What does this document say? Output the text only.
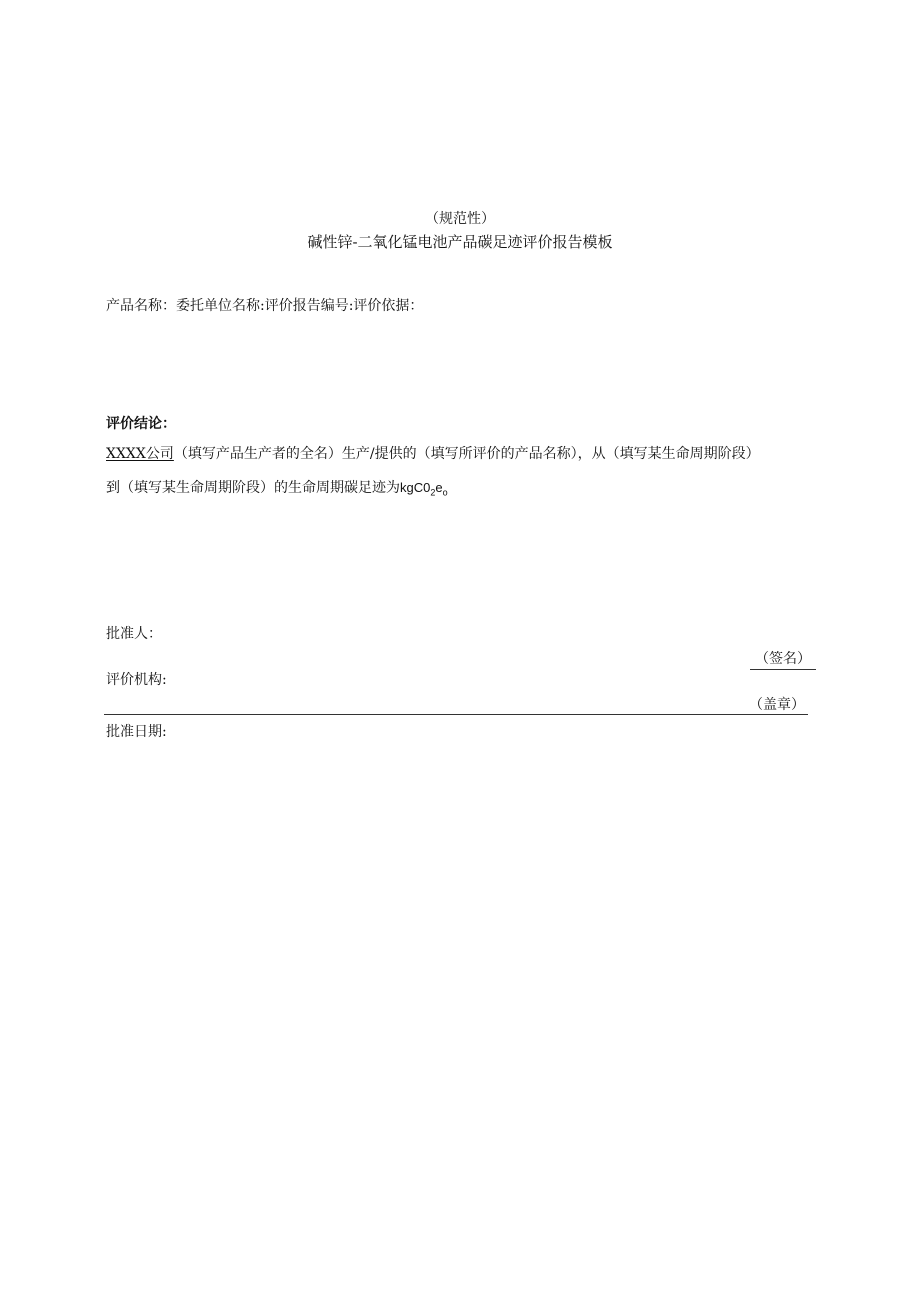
（规范性）
碱性锌-二氧化锰电池产品碳足迹评价报告模板
产品名称：委托单位名称:评价报告编号:评价依据：
评价结论：
XXXX公司（填写产品生产者的全名）生产/提供的（填写所评价的产品名称），从（填写某生命周期阶段）
到（填写某生命周期阶段）的生命周期碳足迹为$kgC0_2e_o$
批准人：
（签名）
评价机构:
（盖章）
批准日期:
